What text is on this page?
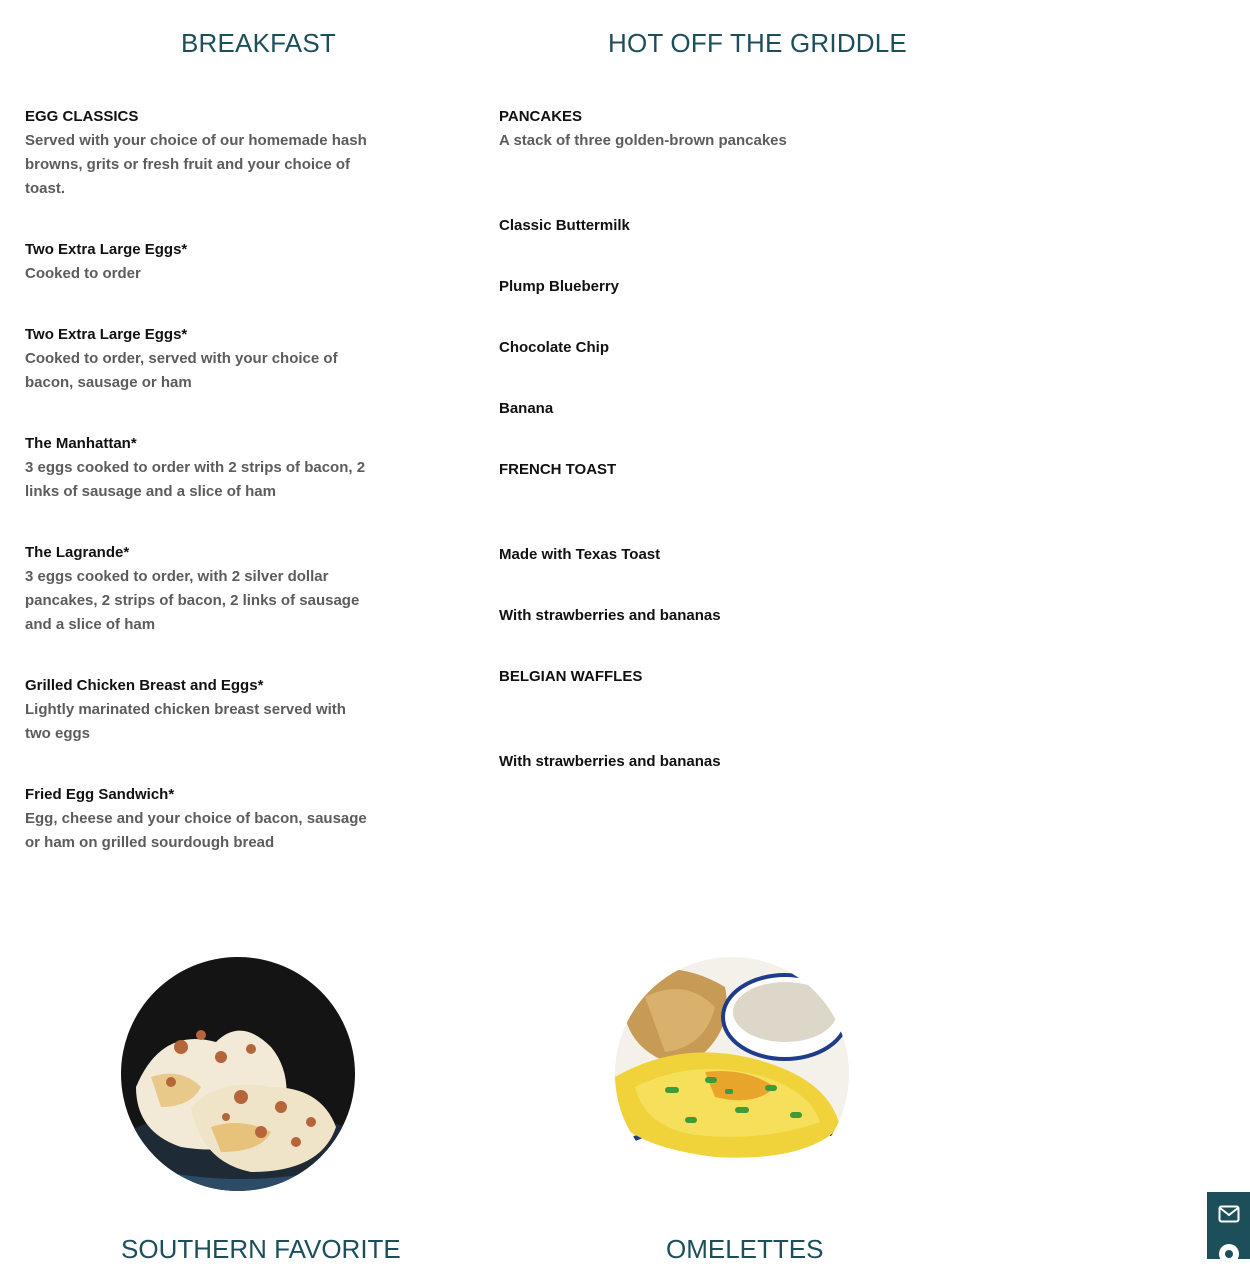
BREAKFAST	HOT OFF THE GRIDDLE
EGG CLASSICS
Served with your choice of our homemade hash browns, grits or fresh fruit and your choice of toast.
Two Extra Large Eggs*
Cooked to order
Two Extra Large Eggs*
Cooked to order, served with your choice of bacon, sausage or ham
The Manhattan*
3 eggs cooked to order with 2 strips of bacon, 2 links of sausage and a slice of ham
The Lagrande*
3 eggs cooked to order, with 2 silver dollar pancakes, 2 strips of bacon, 2 links of sausage and a slice of ham
Grilled Chicken Breast and Eggs*
Lightly marinated chicken breast served with two eggs
Fried Egg Sandwich*
Egg, cheese and your choice of bacon, sausage or ham on grilled sourdough bread
PANCAKES
A stack of three golden-brown pancakes
Classic Buttermilk
Plump Blueberry
Chocolate Chip
Banana
FRENCH TOAST
Made with Texas Toast
With strawberries and bananas
BELGIAN WAFFLES
With strawberries and bananas
SOUTHERN FAVORITE	OMELETTES
